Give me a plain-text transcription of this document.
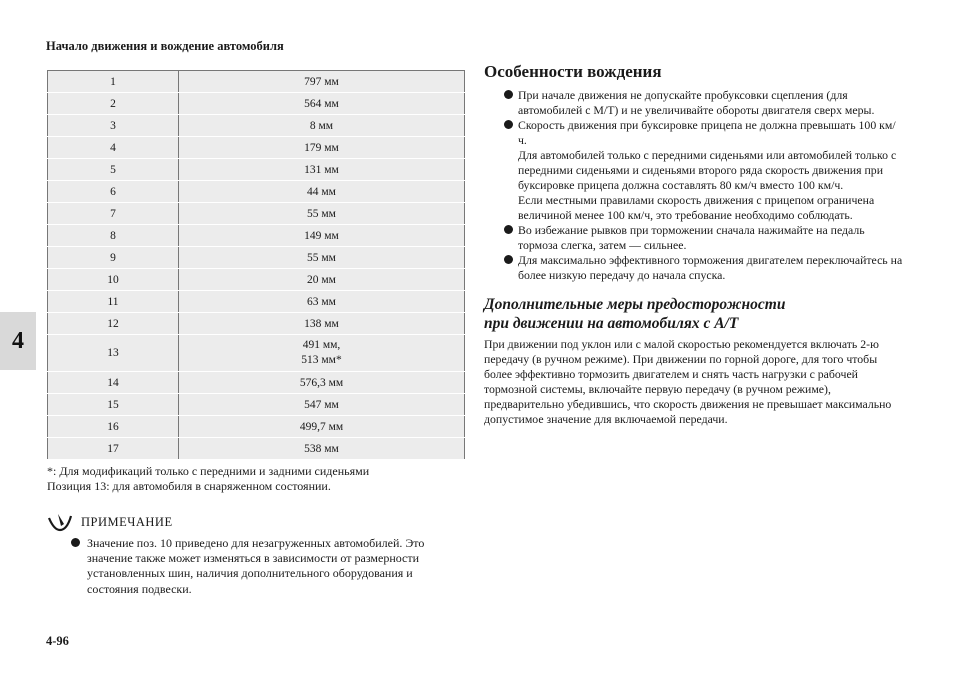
Начало движения и вождение автомобиля
4
1	797 мм
2	564 мм
3	8 мм
4	179 мм
5	131 мм
6	44 мм
7	55 мм
8	149 мм
9	55 мм
10	20 мм
11	63 мм
12	138 мм
13	491 мм,
513 мм*

14	576,3 мм
15	547 мм
16	499,7 мм
17	538 мм
*: Для модификаций только с передними и задними сиденьями
Позиция 13: для автомобиля в снаряженном состоянии.
ПРИМЕЧАНИЕ
Значение поз. 10 приведено для незагруженных автомобилей. Это значение также может изменяться в зависимости от размерности установленных шин, наличия дополнительного оборудования и состояния подвески.
Особенности вождения
При начале движения не допускайте пробуксовки сцепления (для автомобилей с М/Т) и не увеличивайте обороты двигателя сверх меры.
Скорость движения при буксировке прицепа не должна превышать 100 км/ч.
Для автомобилей только с передними сиденьями или автомобилей только с передними сиденьями и сиденьями второго ряда скорость движения при буксировке прицепа должна составлять 80 км/ч вместо 100 км/ч.
Если местными правилами скорость движения с прицепом ограничена величиной менее 100 км/ч, это требование необходимо соблюдать.
Во избежание рывков при торможении сначала нажимайте на педаль тормоза слегка, затем — сильнее.
Для максимально эффективного торможения двигателем переключайтесь на более низкую передачу до начала спуска.
Дополнительные меры предосторожности
при движении на автомобилях с А/Т

При движении под уклон или с малой скоростью рекомендуется включать 2-ю передачу (в ручном режиме). При движении по горной дороге, для того чтобы более эффективно тормозить двигателем и снять часть нагрузки с рабочей тормозной системы, включайте первую передачу (в ручном режиме), предварительно убедившись, что скорость движения не превышает максимально допустимое значение для включаемой передачи.

4-96
